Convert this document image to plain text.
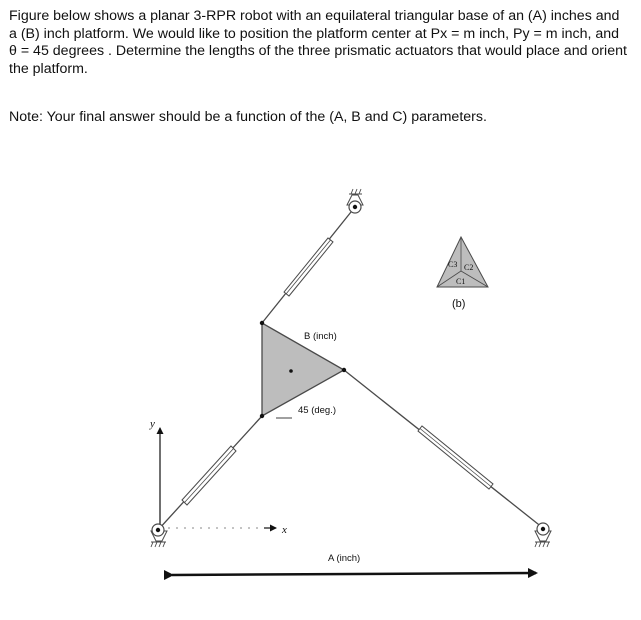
Figure below shows a planar 3-RPR robot with an equilateral triangular base of an (A) inches and a (B) inch platform. We would like to position the platform center at Px = m inch, Py = m inch, and θ = 45 degrees . Determine the lengths of the three prismatic actuators that would place and orient the platform.

Note: Your final answer should be a function of the (A, B and C) parameters.

y
x
B (inch)
45 (deg.)
A (inch)
C3 C2
C1
(b)
